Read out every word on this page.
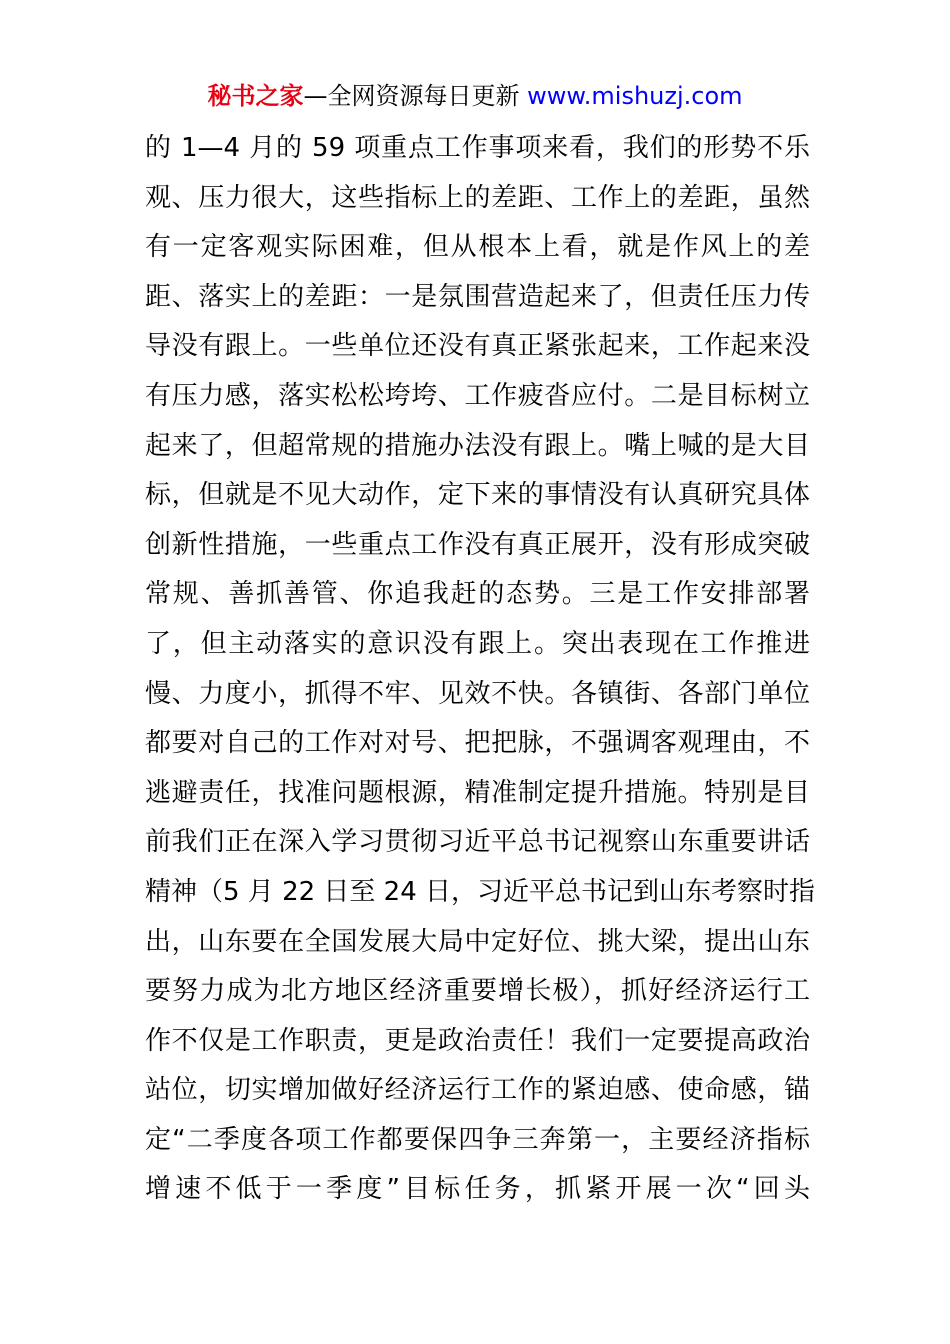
秘书之家—全网资源每日更新 www.mishuzj.com
的 1—4 月的 59 项重点工作事项来看，我们的形势不乐
观、压力很大，这些指标上的差距、工作上的差距，虽然
有一定客观实际困难，但从根本上看，就是作风上的差
距、落实上的差距：一是氛围营造起来了，但责任压力传
导没有跟上。一些单位还没有真正紧张起来，工作起来没
有压力感，落实松松垮垮、工作疲沓应付。二是目标树立
起来了，但超常规的措施办法没有跟上。嘴上喊的是大目
标，但就是不见大动作，定下来的事情没有认真研究具体
创新性措施，一些重点工作没有真正展开，没有形成突破
常规、善抓善管、你追我赶的态势。三是工作安排部署
了，但主动落实的意识没有跟上。突出表现在工作推进
慢、力度小，抓得不牢、见效不快。各镇街、各部门单位
都要对自己的工作对对号、把把脉，不强调客观理由，不
逃避责任，找准问题根源，精准制定提升措施。特别是目
前我们正在深入学习贯彻习近平总书记视察山东重要讲话
精神（5 月 22 日至 24 日，习近平总书记到山东考察时指
出，山东要在全国发展大局中定好位、挑大梁，提出山东
要努力成为北方地区经济重要增长极），抓好经济运行工
作不仅是工作职责，更是政治责任！我们一定要提高政治
站位，切实增加做好经济运行工作的紧迫感、使命感，锚
定“二季度各项工作都要保四争三奔第一，主要经济指标
增速不低于一季度”目标任务，抓紧开展一次“回头
